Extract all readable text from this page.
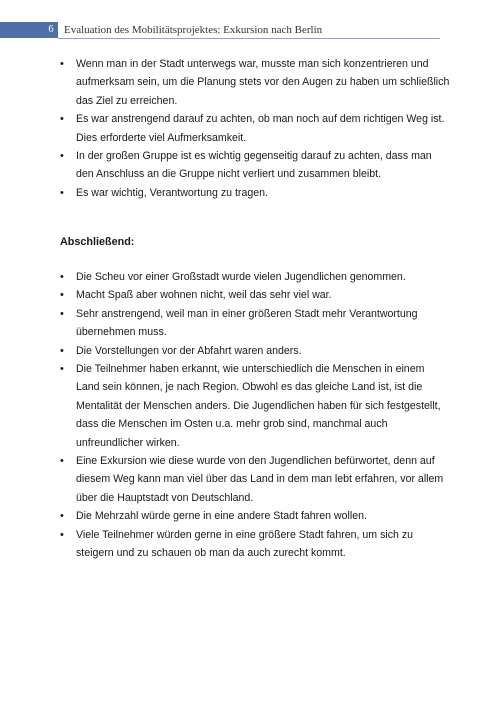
6 Evaluation des Mobilitätsprojektes: Exkursion nach Berlin
•	Wenn man in der Stadt unterwegs war, musste man sich konzentrieren und aufmerksam sein, um die Planung stets vor den Augen zu haben um schließlich das Ziel zu erreichen.
•	Es war anstrengend darauf zu achten, ob man noch auf dem richtigen Weg ist. Dies erforderte viel Aufmerksamkeit.
•	In der großen Gruppe ist es wichtig gegenseitig darauf zu achten, dass man den Anschluss an die Gruppe nicht verliert und zusammen bleibt.
•	Es war wichtig, Verantwortung zu tragen.
Abschließend:
•	Die Scheu vor einer Großstadt wurde vielen Jugendlichen genommen.
•	Macht Spaß aber wohnen nicht, weil das sehr viel war.
•	Sehr anstrengend, weil man in einer größeren Stadt mehr Verantwortung übernehmen muss.
•	Die Vorstellungen vor der Abfahrt waren anders.
•	Die Teilnehmer haben erkannt, wie unterschiedlich die Menschen in einem Land sein können, je nach Region. Obwohl es das gleiche Land ist, ist die Mentalität der Menschen anders. Die Jugendlichen haben für sich festgestellt, dass die Menschen im Osten u.a. mehr grob sind, manchmal auch unfreundlicher wirken.
•	Eine Exkursion wie diese wurde von den Jugendlichen befürwortet, denn auf diesem Weg kann man viel über das Land in dem man lebt erfahren, vor allem über die Hauptstadt von Deutschland.
•	Die Mehrzahl würde gerne in eine andere Stadt fahren wollen.
•	Viele Teilnehmer würden gerne in eine größere Stadt fahren, um sich zu steigern und zu schauen ob man da auch zurecht kommt.
